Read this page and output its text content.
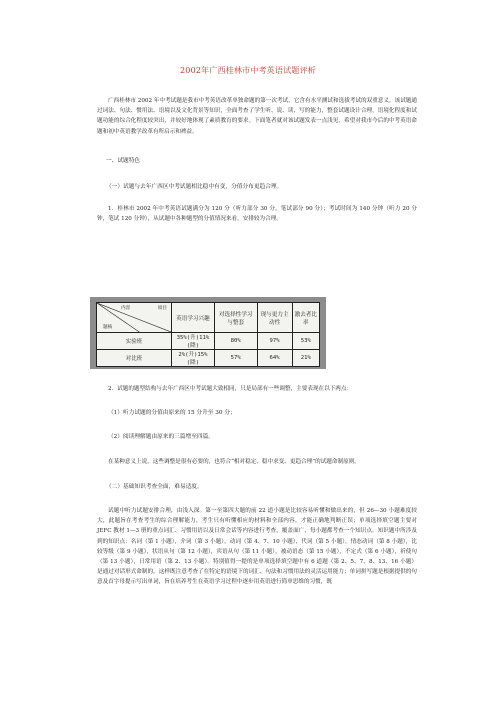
2002年广西桂林市中考英语试题评析
广西桂林市 2002 年中考试题是我市中考英语改革单独命题的第一次考试，它含有水平测试和选拔考试的双重意义。该试题通过词法、句法、惯用法、语境以及文化背景等知识，全面考查了学生听、说、读、写的能力，整套试题设计合理，语境化程度和试题功能的综合化程度较突出，并较好地体现了素质教育的要求。下面笔者就对该试题发表一点浅见，希望对我市今后的中考英语命题和初中英语教学改革有所启示和裨益。
一、试题特色
（一）试题与去年广西区中考试题相比稳中有变，分值分布更趋合理。
1．桂林市 2002 年中考英语试题满分为 120 分（听力部分 30 分，笔试部分 90 分）；考试时间为 140 分钟（听力 20 分钟，笔试 120 分钟），从试题中各种题型的分值情况来看，安排较为合理。
内容 项目
题核	英语学习兴趣	对选择性学习与整套	现与更力主动性	激去者比率
实验班	35%(升)11%(降)	80%	97%	53%
对比班	2%(升)15%(降)	57%	64%	21%
2．试题的题型结构与去年广西区中考试题大致相同，只是局部有一些调整，主要表现在以下两点：
（1）听力试题的分值由原来的 15 分升至 30 分；
（2）阅读理解题由原来的三篇增至四篇。
在某种意义上说，这些调整是很有必要的，也符合“相对稳定、稳中求变、更趋合理”的试题命制原则。
（二）基础知识考查全面，难易适度。
试题中听力试题安排合理，由浅入深。第一至第四大题的前 22 道小题是比较容易听懂和做出来的，但 26—30 小题难度较大，此题旨在考查考生的综合理解能力，考生只有听懂相应的材料和全部内容，才能正确地判断正误；单项选择填空题主要对 JEFC 教材 1—3 册的重点词汇、习惯用语以及日常会话等内容进行考查，覆盖面广，每小题都考查一个知识点。知识题中所涉及到的知识点：名词（第 1 小题），介词（第 3 小题），动词（第 4、7、10 小题），代词（第 5 小题），情态动词（第 8 小题），比较等级（第 9 小题），状语从句（第 12 小题），宾语从句（第 11 小题），被动语态（第 15 小题），不定式（第 6 小题），祈使句（第 13 小题），日常用语（第 2、13 小题）。特别值得一提的是单项选择填空题中有 6 道题（第 2、5、7、8、13、16 小题）是通过对话形式命制的，这样既注意考查了在特定的语境下的词汇、句法和习惯用法的灵活运用能力；单词拼写题是根据提供的句意及首字母提示写出单词，旨在培养考生在英语学习过程中逐步用英语进行简单思维的习惯，既
